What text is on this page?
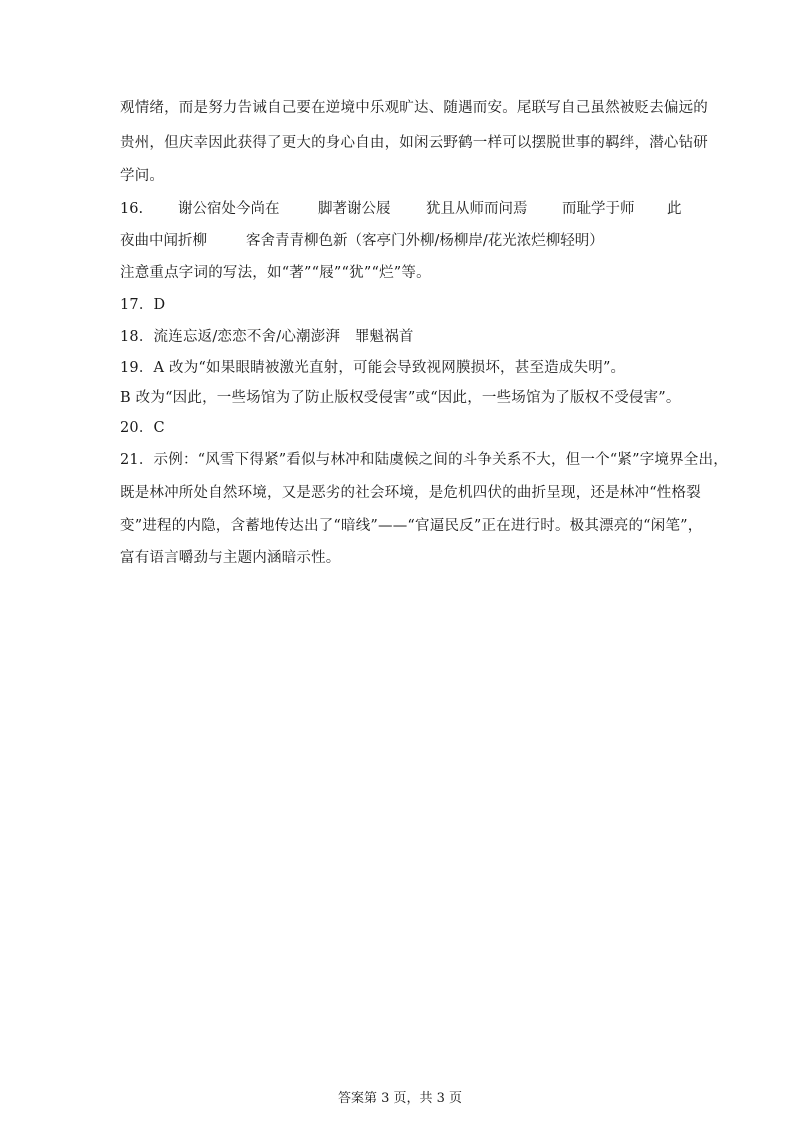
观情绪，而是努力告诫自己要在逆境中乐观旷达、随遇而安。尾联写自己虽然被贬去偏远的
贵州，但庆幸因此获得了更大的身心自由，如闲云野鹤一样可以摆脱世事的羁绊，潜心钻研
学问。
16. 谢公宿处今尚在	脚著谢公屐 犹且从师而问焉 而耻学于师 此
夜曲中闻折柳	客舍青青柳色新（客亭门外柳/杨柳岸/花光浓烂柳轻明）
注意重点字词的写法，如“著”“屐”“犹”“烂”等。
17．D
18．流连忘返/恋恋不舍/心潮澎湃　罪魁祸首
19．A 改为“如果眼睛被激光直射，可能会导致视网膜损坏，甚至造成失明”。
B 改为“因此，一些场馆为了防止版权受侵害”或“因此，一些场馆为了版权不受侵害”。
20．C
21．示例：“风雪下得紧”看似与林冲和陆虞候之间的斗争关系不大，但一个“紧”字境界全出，
既是林冲所处自然环境，又是恶劣的社会环境，是危机四伏的曲折呈现，还是林冲“性格裂
变”进程的内隐，含蓄地传达出了“暗线”——“官逼民反”正在进行时。极其漂亮的“闲笔”，
富有语言嚼劲与主题内涵暗示性。
答案第 3 页，共 3 页
